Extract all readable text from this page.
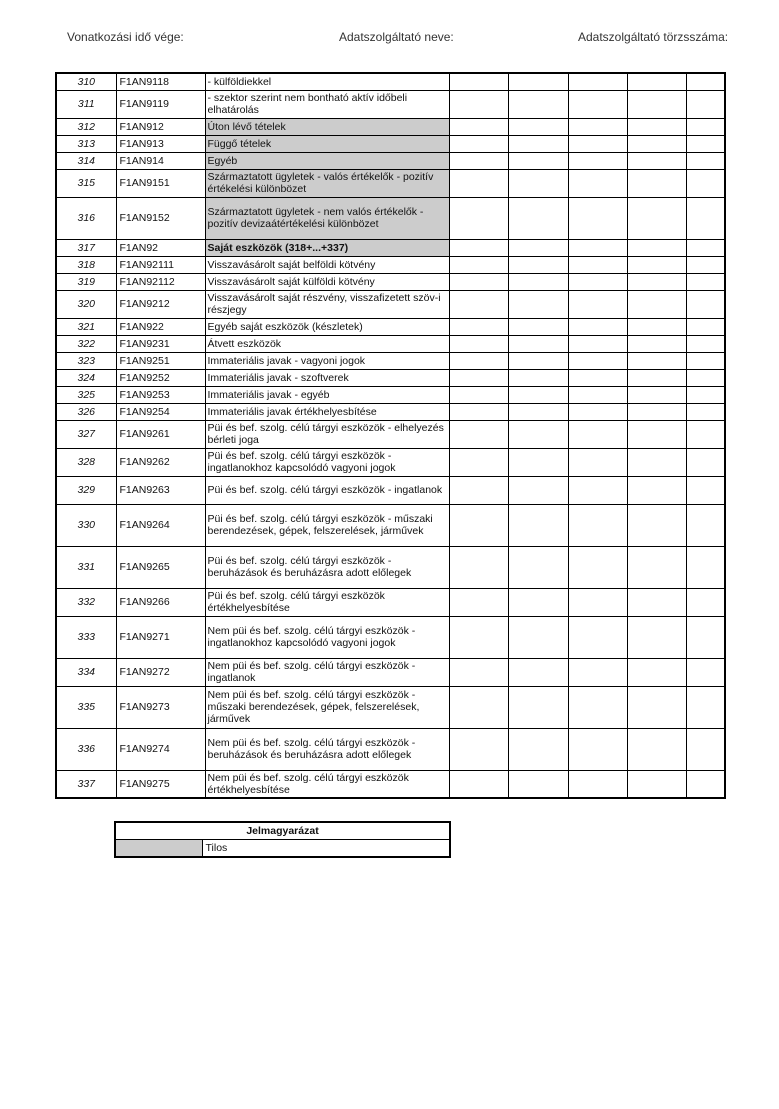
Vonatkozási idő vége:	Adatszolgáltató neve:	Adatszolgáltató törzsszáma:
310	F1AN9118	- külföldiekkel					
311	F1AN9119	- szektor szerint nem bontható aktív időbeli elhatárolás					
312	F1AN912	Úton lévő tételek					
313	F1AN913	Függő tételek					
314	F1AN914	Egyéb					
315	F1AN9151	Származtatott ügyletek - valós értékelők - pozitív értékelési különbözet					
316	F1AN9152	Származtatott ügyletek - nem valós értékelők - pozitív devizaátértékelési különbözet					
317	F1AN92	Saját eszközök (318+...+337)					
318	F1AN92111	Visszavásárolt saját belföldi kötvény					
319	F1AN92112	Visszavásárolt saját külföldi kötvény					
320	F1AN9212	Visszavásárolt saját részvény, visszafizetett szöv-i részjegy					
321	F1AN922	Egyéb saját eszközök (készletek)					
322	F1AN9231	Átvett eszközök					
323	F1AN9251	Immateriális javak - vagyoni jogok					
324	F1AN9252	Immateriális javak - szoftverek					
325	F1AN9253	Immateriális javak - egyéb					
326	F1AN9254	Immateriális javak értékhelyesbítése					
327	F1AN9261	Püi és bef. szolg. célú tárgyi eszközök - elhelyezés bérleti joga					
328	F1AN9262	Püi és bef. szolg. célú tárgyi eszközök - ingatlanokhoz kapcsolódó vagyoni jogok					
329	F1AN9263	Püi és bef. szolg. célú tárgyi eszközök - ingatlanok					
330	F1AN9264	Püi és bef. szolg. célú tárgyi eszközök - műszaki berendezések, gépek, felszerelések, járművek					
331	F1AN9265	Püi és bef. szolg. célú tárgyi eszközök - beruházások és beruházásra adott előlegek					
332	F1AN9266	Püi és bef. szolg. célú tárgyi eszközök értékhelyesbítése					
333	F1AN9271	Nem püi és bef. szolg. célú tárgyi eszközök - ingatlanokhoz kapcsolódó vagyoni jogok					
334	F1AN9272	Nem püi és bef. szolg. célú tárgyi eszközök - ingatlanok					
335	F1AN9273	Nem püi és bef. szolg. célú tárgyi eszközök - műszaki berendezések, gépek, felszerelések, járművek					
336	F1AN9274	Nem püi és bef. szolg. célú tárgyi eszközök - beruházások és beruházásra adott előlegek					
337	F1AN9275	Nem püi és bef. szolg. célú tárgyi eszközök értékhelyesbítése					
Jelmagyarázat
	Tilos
